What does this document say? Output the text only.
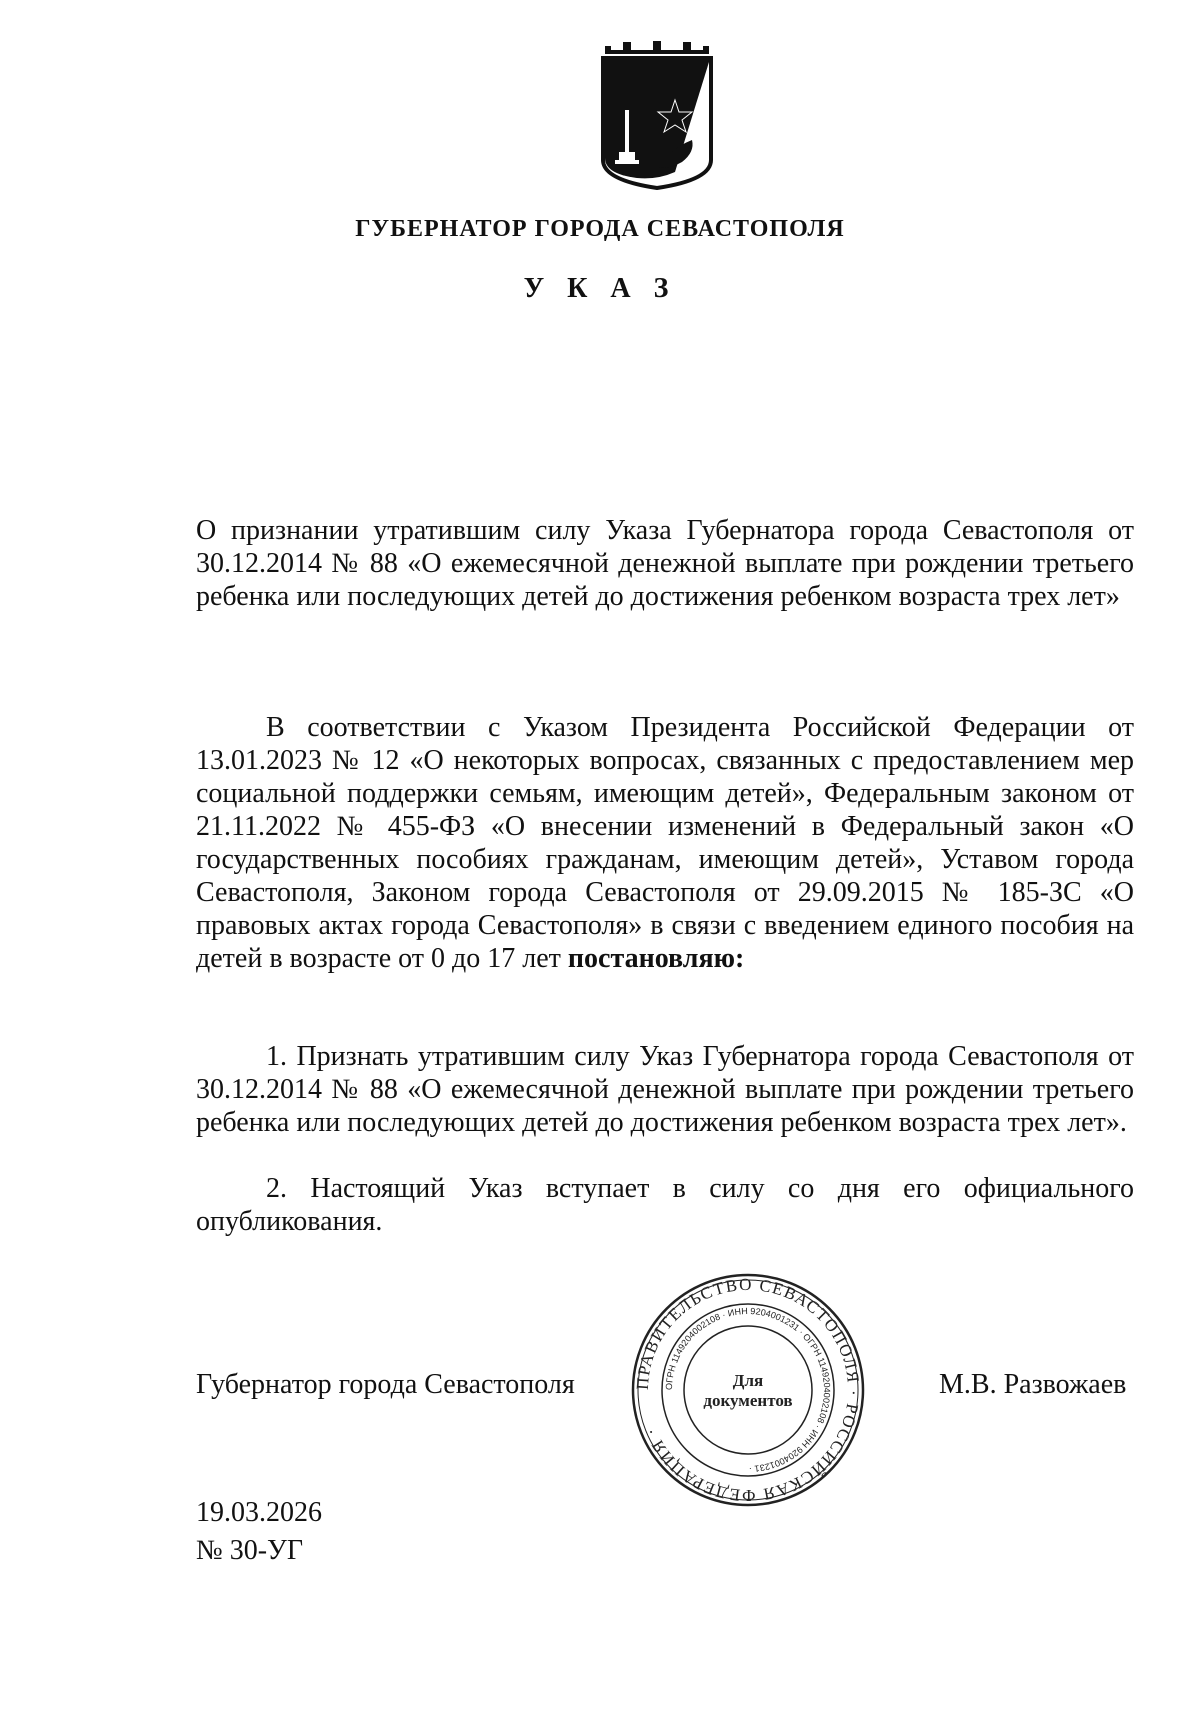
ГУБЕРНАТОР ГОРОДА СЕВАСТОПОЛЯ
У К А З
О признании утратившим силу Указа Губернатора города Севастополя от 30.12.2014 № 88 «О ежемесячной денежной выплате при рождении третьего ребенка или последующих детей до достижения ребенком возраста трех лет»
В соответствии с Указом Президента Российской Федерации от 13.01.2023 № 12 «О некоторых вопросах, связанных с предоставлением мер социальной поддержки семьям, имеющим детей», Федеральным законом от 21.11.2022 № 455-ФЗ «О внесении изменений в Федеральный закон «О государственных пособиях гражданам, имеющим детей», Уставом города Севастополя, Законом города Севастополя от 29.09.2015 № 185-ЗС «О правовых актах города Севастополя» в связи с введением единого пособия на детей в возрасте от 0 до 17 лет постановляю:
1. Признать утратившим силу Указ Губернатора города Севастополя от 30.12.2014 № 88 «О ежемесячной денежной выплате при рождении третьего ребенка или последующих детей до достижения ребенком возраста трех лет».
2. Настоящий Указ вступает в силу со дня его официального опубликования.
Губернатор города Севастополя	ПРАВИТЕЛЬСТВО СЕВАСТОПОЛЯ · РОССИЙСКАЯ ФЕДЕРАЦИЯ ·
ОГРН 1149204002108 · ИНН 9204001231 · ОГРН 1149204002108 · ИНН 9204001231 ·
Для
документов
М.В. Развожаев
19.03.2026
№ 30-УГ
